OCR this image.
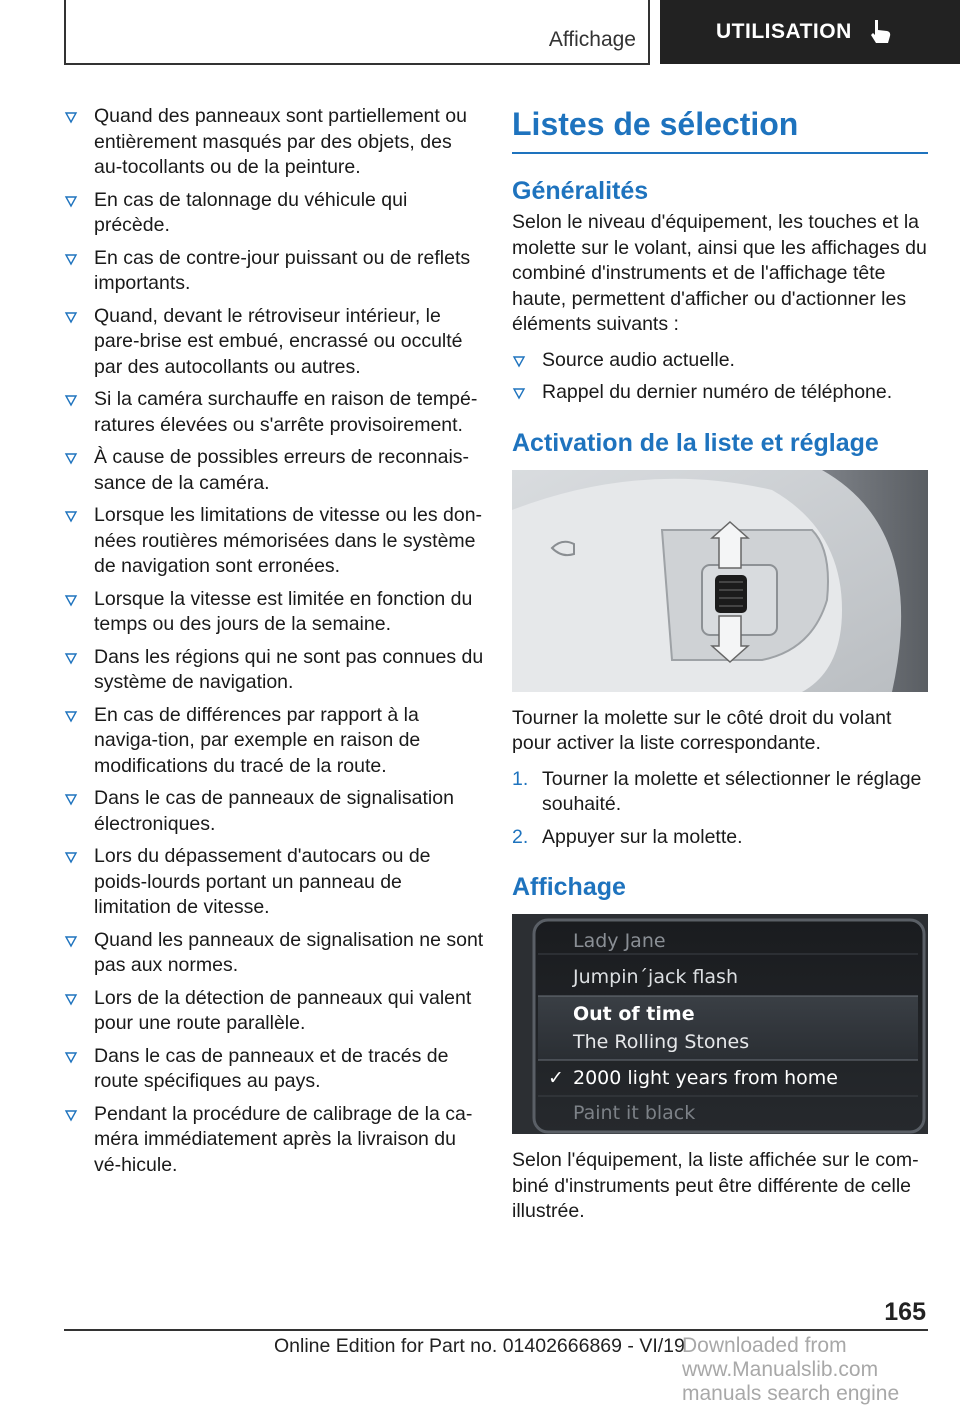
Affichage	UTILISATION
Quand des panneaux sont partiellement ou entièrement masqués par des objets, des au-tocollants ou de la peinture.
En cas de talonnage du véhicule qui précède.
En cas de contre-jour puissant ou de reflets importants.
Quand, devant le rétroviseur intérieur, le pare-brise est embué, encrassé ou occulté par des autocollants ou autres.
Si la caméra surchauffe en raison de tempé-ratures élevées ou s'arrête provisoirement.
À cause de possibles erreurs de reconnais-sance de la caméra.
Lorsque les limitations de vitesse ou les don-nées routières mémorisées dans le système de navigation sont erronées.
Lorsque la vitesse est limitée en fonction du temps ou des jours de la semaine.
Dans les régions qui ne sont pas connues du système de navigation.
En cas de différences par rapport à la naviga-tion, par exemple en raison de modifications du tracé de la route.
Dans le cas de panneaux de signalisation électroniques.
Lors du dépassement d'autocars ou de poids-lourds portant un panneau de limitation de vitesse.
Quand les panneaux de signalisation ne sont pas aux normes.
Lors de la détection de panneaux qui valent pour une route parallèle.
Dans le cas de panneaux et de tracés de route spécifiques au pays.
Pendant la procédure de calibrage de la ca-méra immédiatement après la livraison du vé-hicule.
Listes de sélection
Généralités

Selon le niveau d'équipement, les touches et la molette sur le volant, ainsi que les affichages du combiné d'instruments et de l'affichage tête haute, permettent d'afficher ou d'actionner les éléments suivants :

Source audio actuelle.
Rappel du dernier numéro de téléphone.
Activation de la liste et réglage

Tourner la molette sur le côté droit du volant pour activer la liste correspondante.

1. Tourner la molette et sélectionner le réglage souhaité.
2. Appuyer sur la molette.
Affichage
Lady Jane
Jumpin´jack flash
Out of time
The Rolling Stones
✓ 2000 light years from home
Paint it black

Selon l'équipement, la liste affichée sur le com-biné d'instruments peut être différente de celle illustrée.

165
Online Edition for Part no. 01402666869 - VI/19
Downloaded from www.Manualslib.com manuals search engine
